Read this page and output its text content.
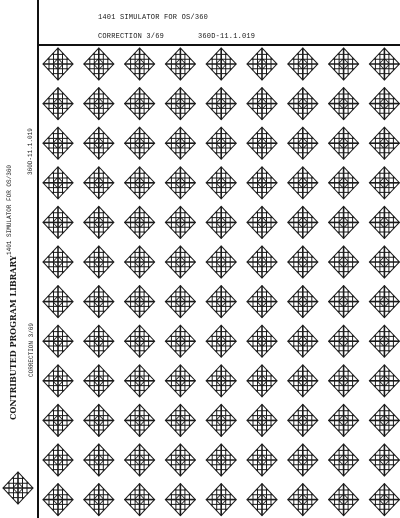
1401 SIMULATOR FOR OS/360
CORRECTION 3/69	360D-11.1.019
1401 SIMULATOR FOR OS/360
360D-11.1.019
CONTRIBUTED PROGRAM LIBRARY CORRECTION 3/69
